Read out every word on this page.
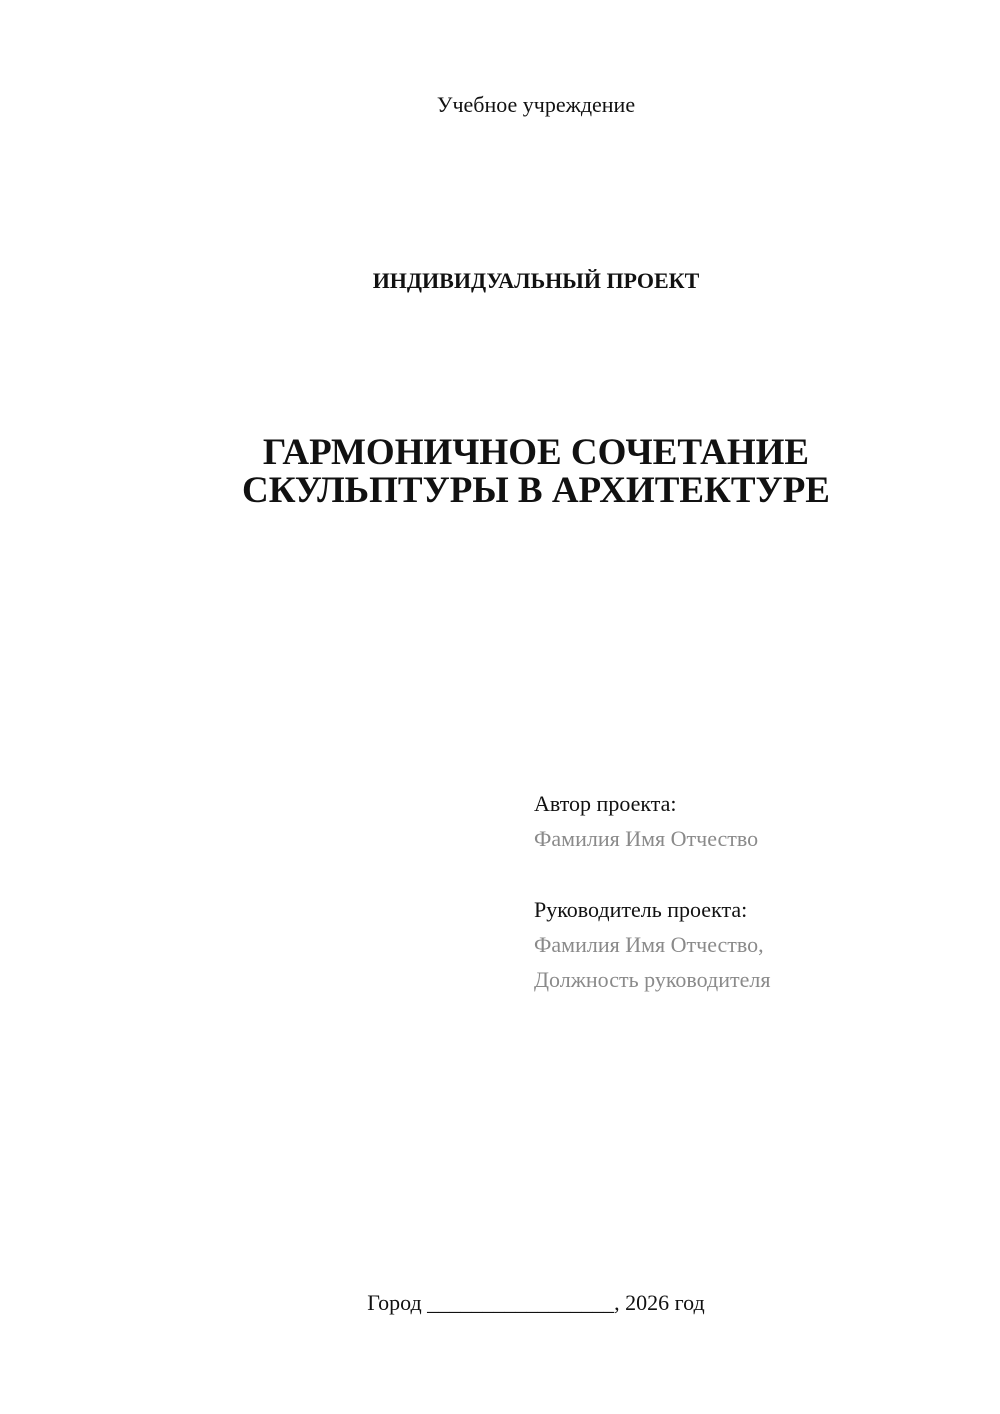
Учебное учреждение
ИНДИВИДУАЛЬНЫЙ ПРОЕКТ
ГАРМОНИЧНОЕ СОЧЕТАНИЕ
СКУЛЬПТУРЫ В АРХИТЕКТУРЕ
Автор проекта:
Фамилия Имя Отчество
Руководитель проекта:
Фамилия Имя Отчество,
Должность руководителя
Город _________________, 2026 год
